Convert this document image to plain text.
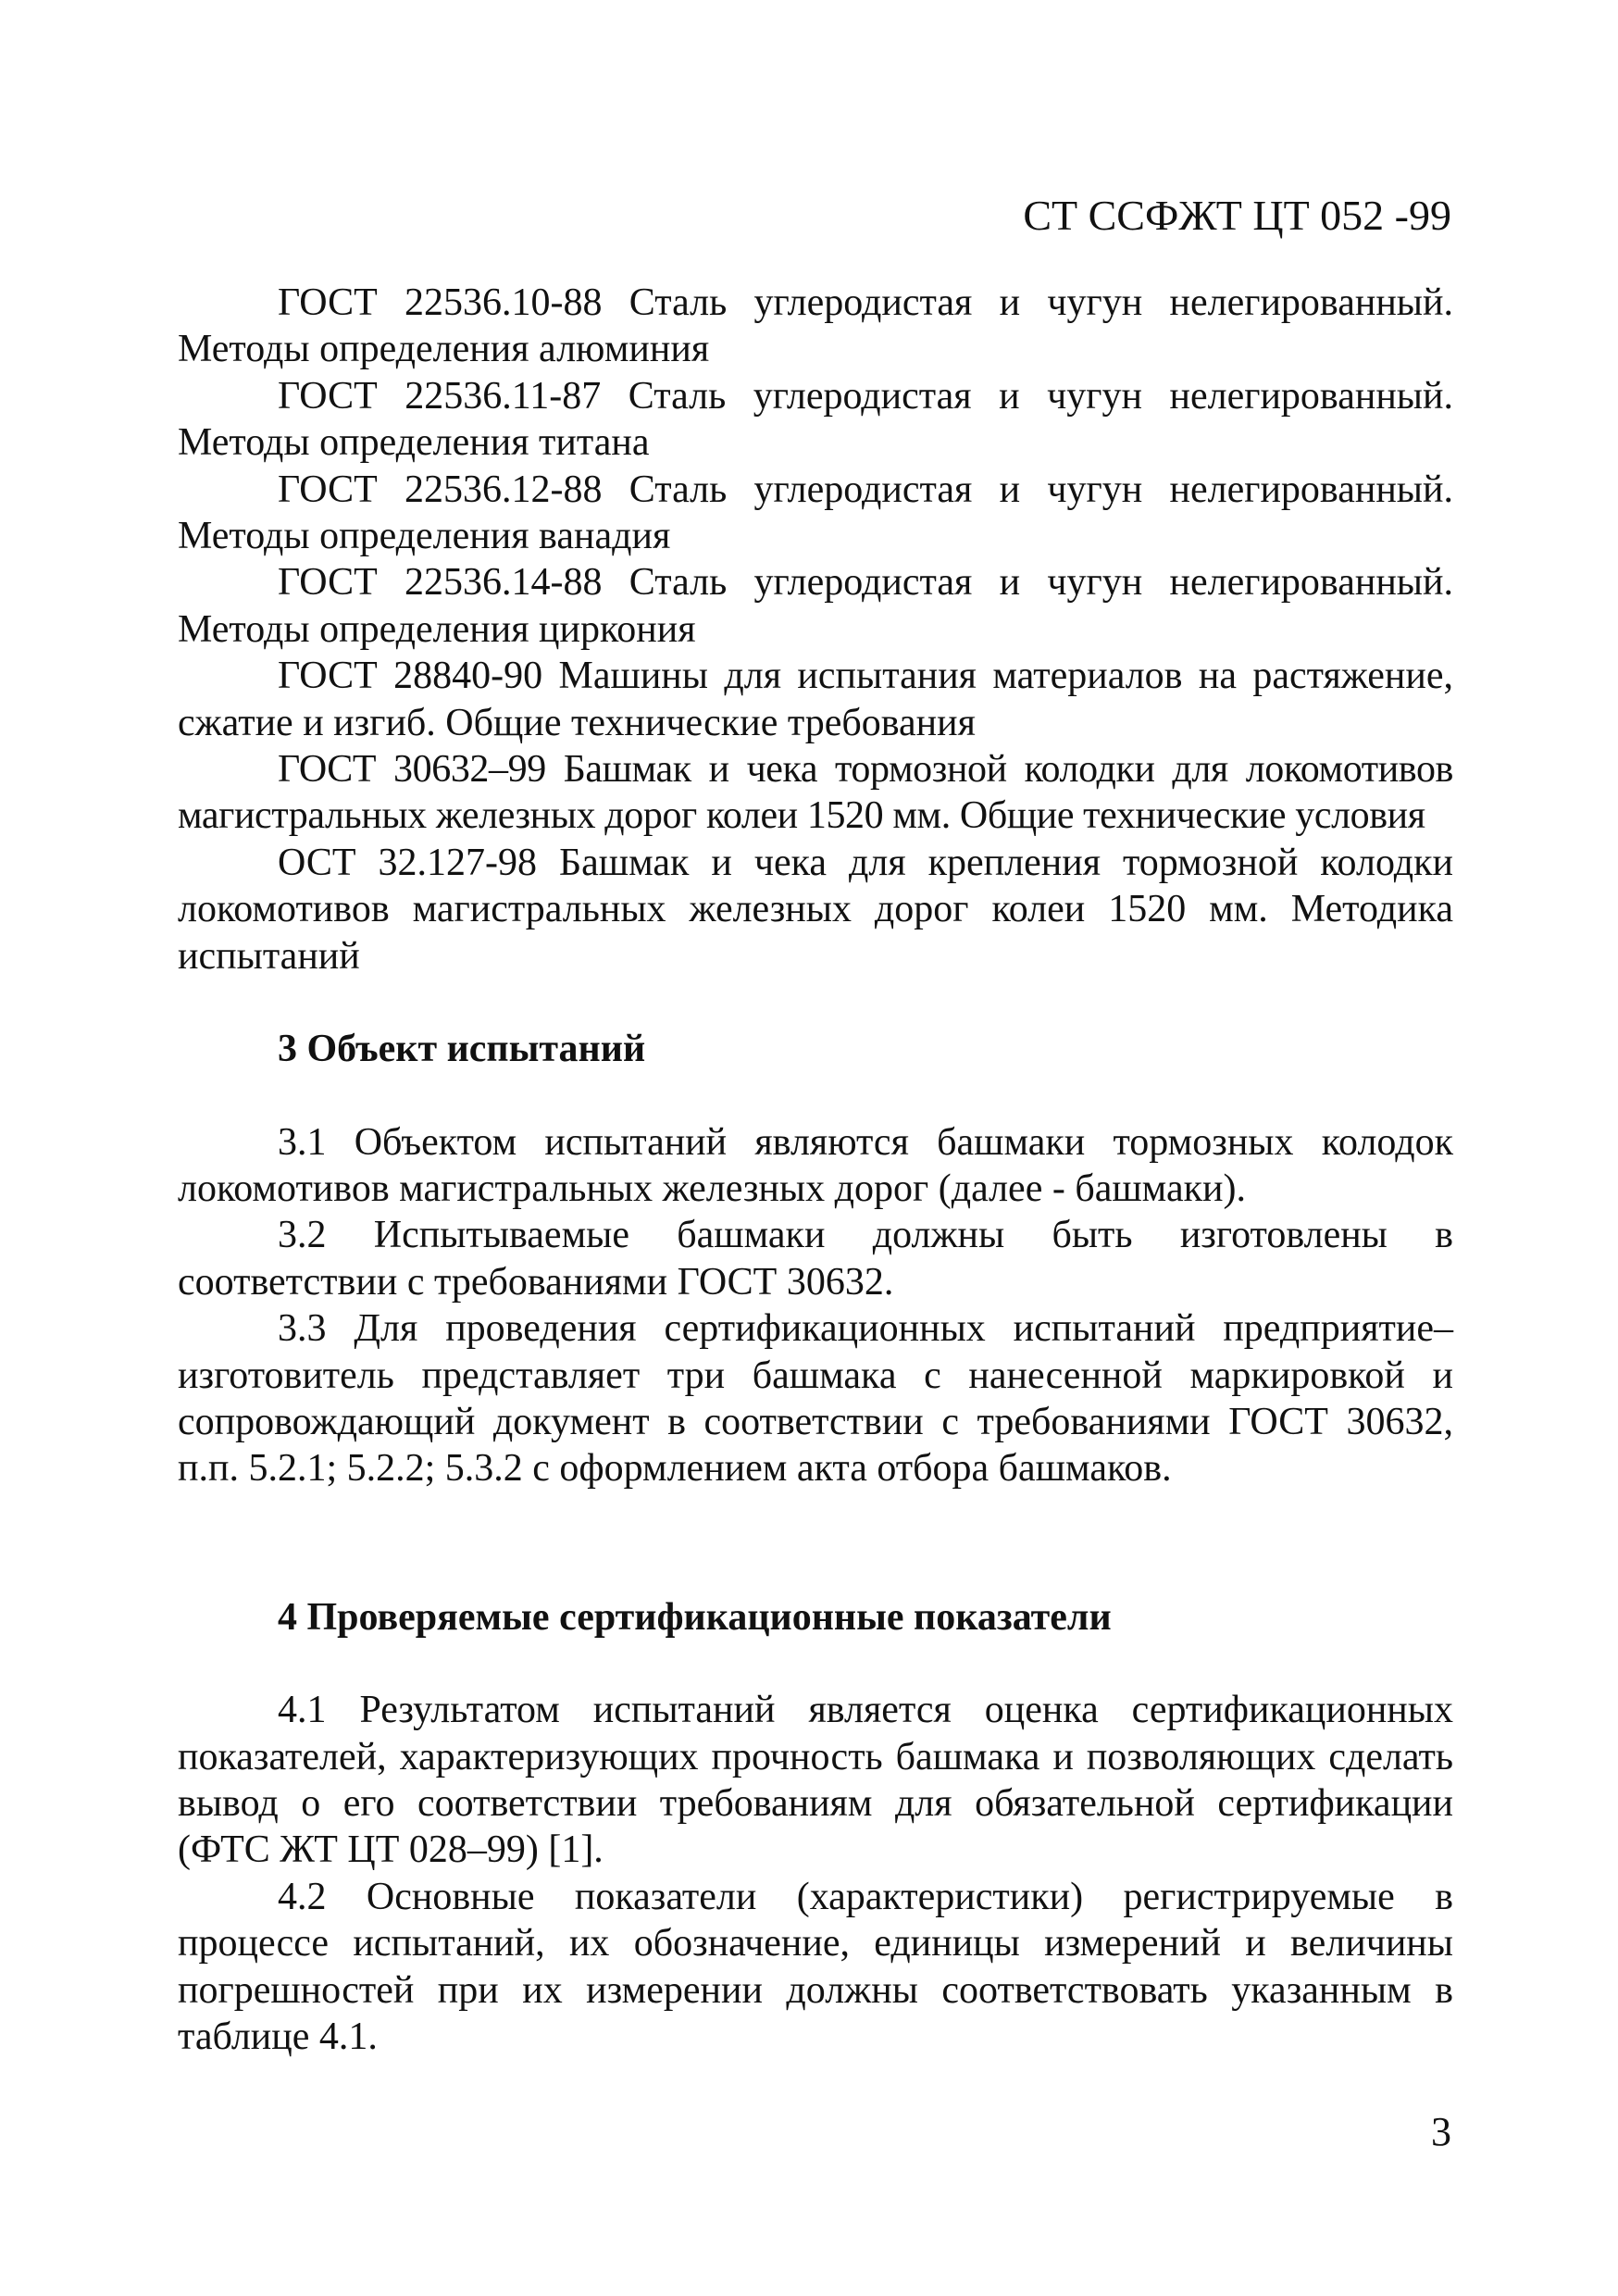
СТ ССФЖТ ЦТ 052 -99

ГОСТ 22536.10-88 Сталь углеродистая и чугун нелегированный. Методы определения алюминия

ГОСТ 22536.11-87 Сталь углеродистая и чугун нелегированный. Методы определения титана

ГОСТ 22536.12-88 Сталь углеродистая и чугун нелегированный. Методы определения ванадия

ГОСТ 22536.14-88 Сталь углеродистая и чугун нелегированный. Методы определения циркония

ГОСТ 28840-90 Машины для испытания материалов на растяжение, сжатие и изгиб. Общие технические требования

ГОСТ 30632–99 Башмак и чека тормозной колодки для локомотивов магистральных железных дорог колеи 1520 мм. Общие технические условия

ОСТ 32.127-98 Башмак и чека для крепления тормозной колодки локомотивов магистральных железных дорог колеи 1520 мм. Методика испытаний

3 Объект испытаний

3.1 Объектом испытаний являются башмаки тормозных колодок локомотивов магистральных железных дорог (далее - башмаки).

3.2 Испытываемые башмаки должны быть изготовлены в соответствии с требованиями ГОСТ 30632.

3.3 Для проведения сертификационных испытаний предприятие–изготовитель представляет три башмака с нанесенной маркировкой и сопровождающий документ в соответствии с требованиями ГОСТ 30632, п.п. 5.2.1; 5.2.2; 5.3.2 с оформлением акта отбора башмаков.

4 Проверяемые сертификационные показатели

4.1 Результатом испытаний является оценка сертификационных показателей, характеризующих прочность башмака и позволяющих сделать вывод о его соответствии требованиям для обязательной сертификации (ФТС ЖТ ЦТ 028–99) [1].

4.2 Основные показатели (характеристики) регистрируемые в процессе испытаний, их обозначение, единицы измерений и величины погрешностей при их измерении должны соответствовать указанным в таблице 4.1.

3
